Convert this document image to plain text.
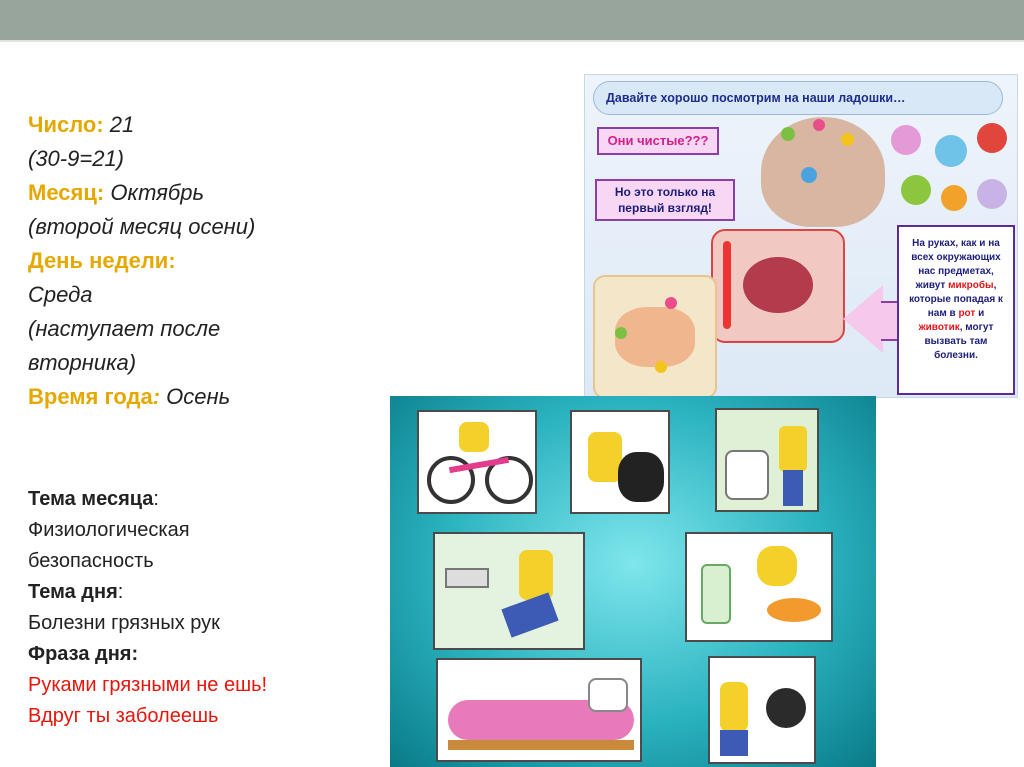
Число: 21
(30-9=21)
Месяц: Октябрь
(второй месяц осени)
День недели:
Среда
(наступает после
вторника)
Время года: Осень
Тема месяца:
Физиологическая
безопасность
Тема дня:
Болезни грязных рук
Фраза дня:
Руками грязными не ешь!
Вдруг ты заболеешь
Давайте хорошо посмотрим на наши ладошки…
Они чистые???
Но это только на
первый взгляд!
На руках, как и на
всех окружающих
нас предметах,
живут микробы,
которые попадая к
нам в рот и
животик, могут
вызвать там
болезни.
